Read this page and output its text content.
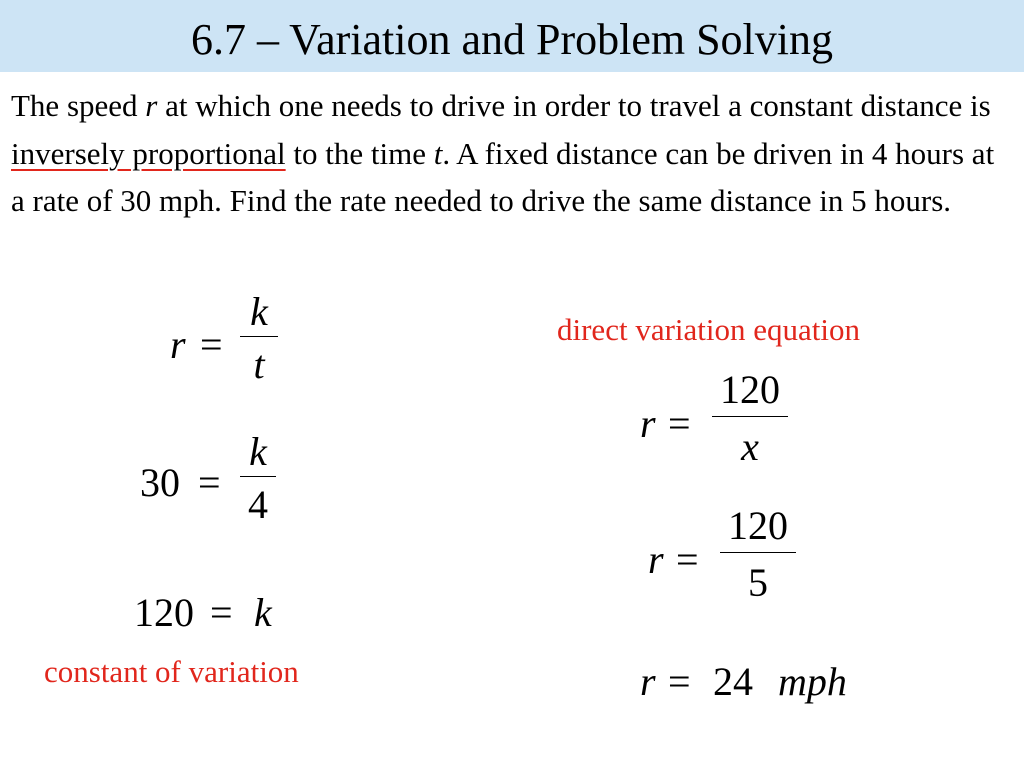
6.7 – Variation and Problem Solving

The speed r at which one needs to drive in order to travel a constant distance is inversely proportional to the time t. A fixed distance can be driven in 4 hours at a rate of 30 mph. Find the rate needed to drive the same distance in 5 hours.

r =
k
t
30 =
k
4
120 = k
constant of variation
direct variation equation
r =
120
x
r =
120
5
r = 24 mph
